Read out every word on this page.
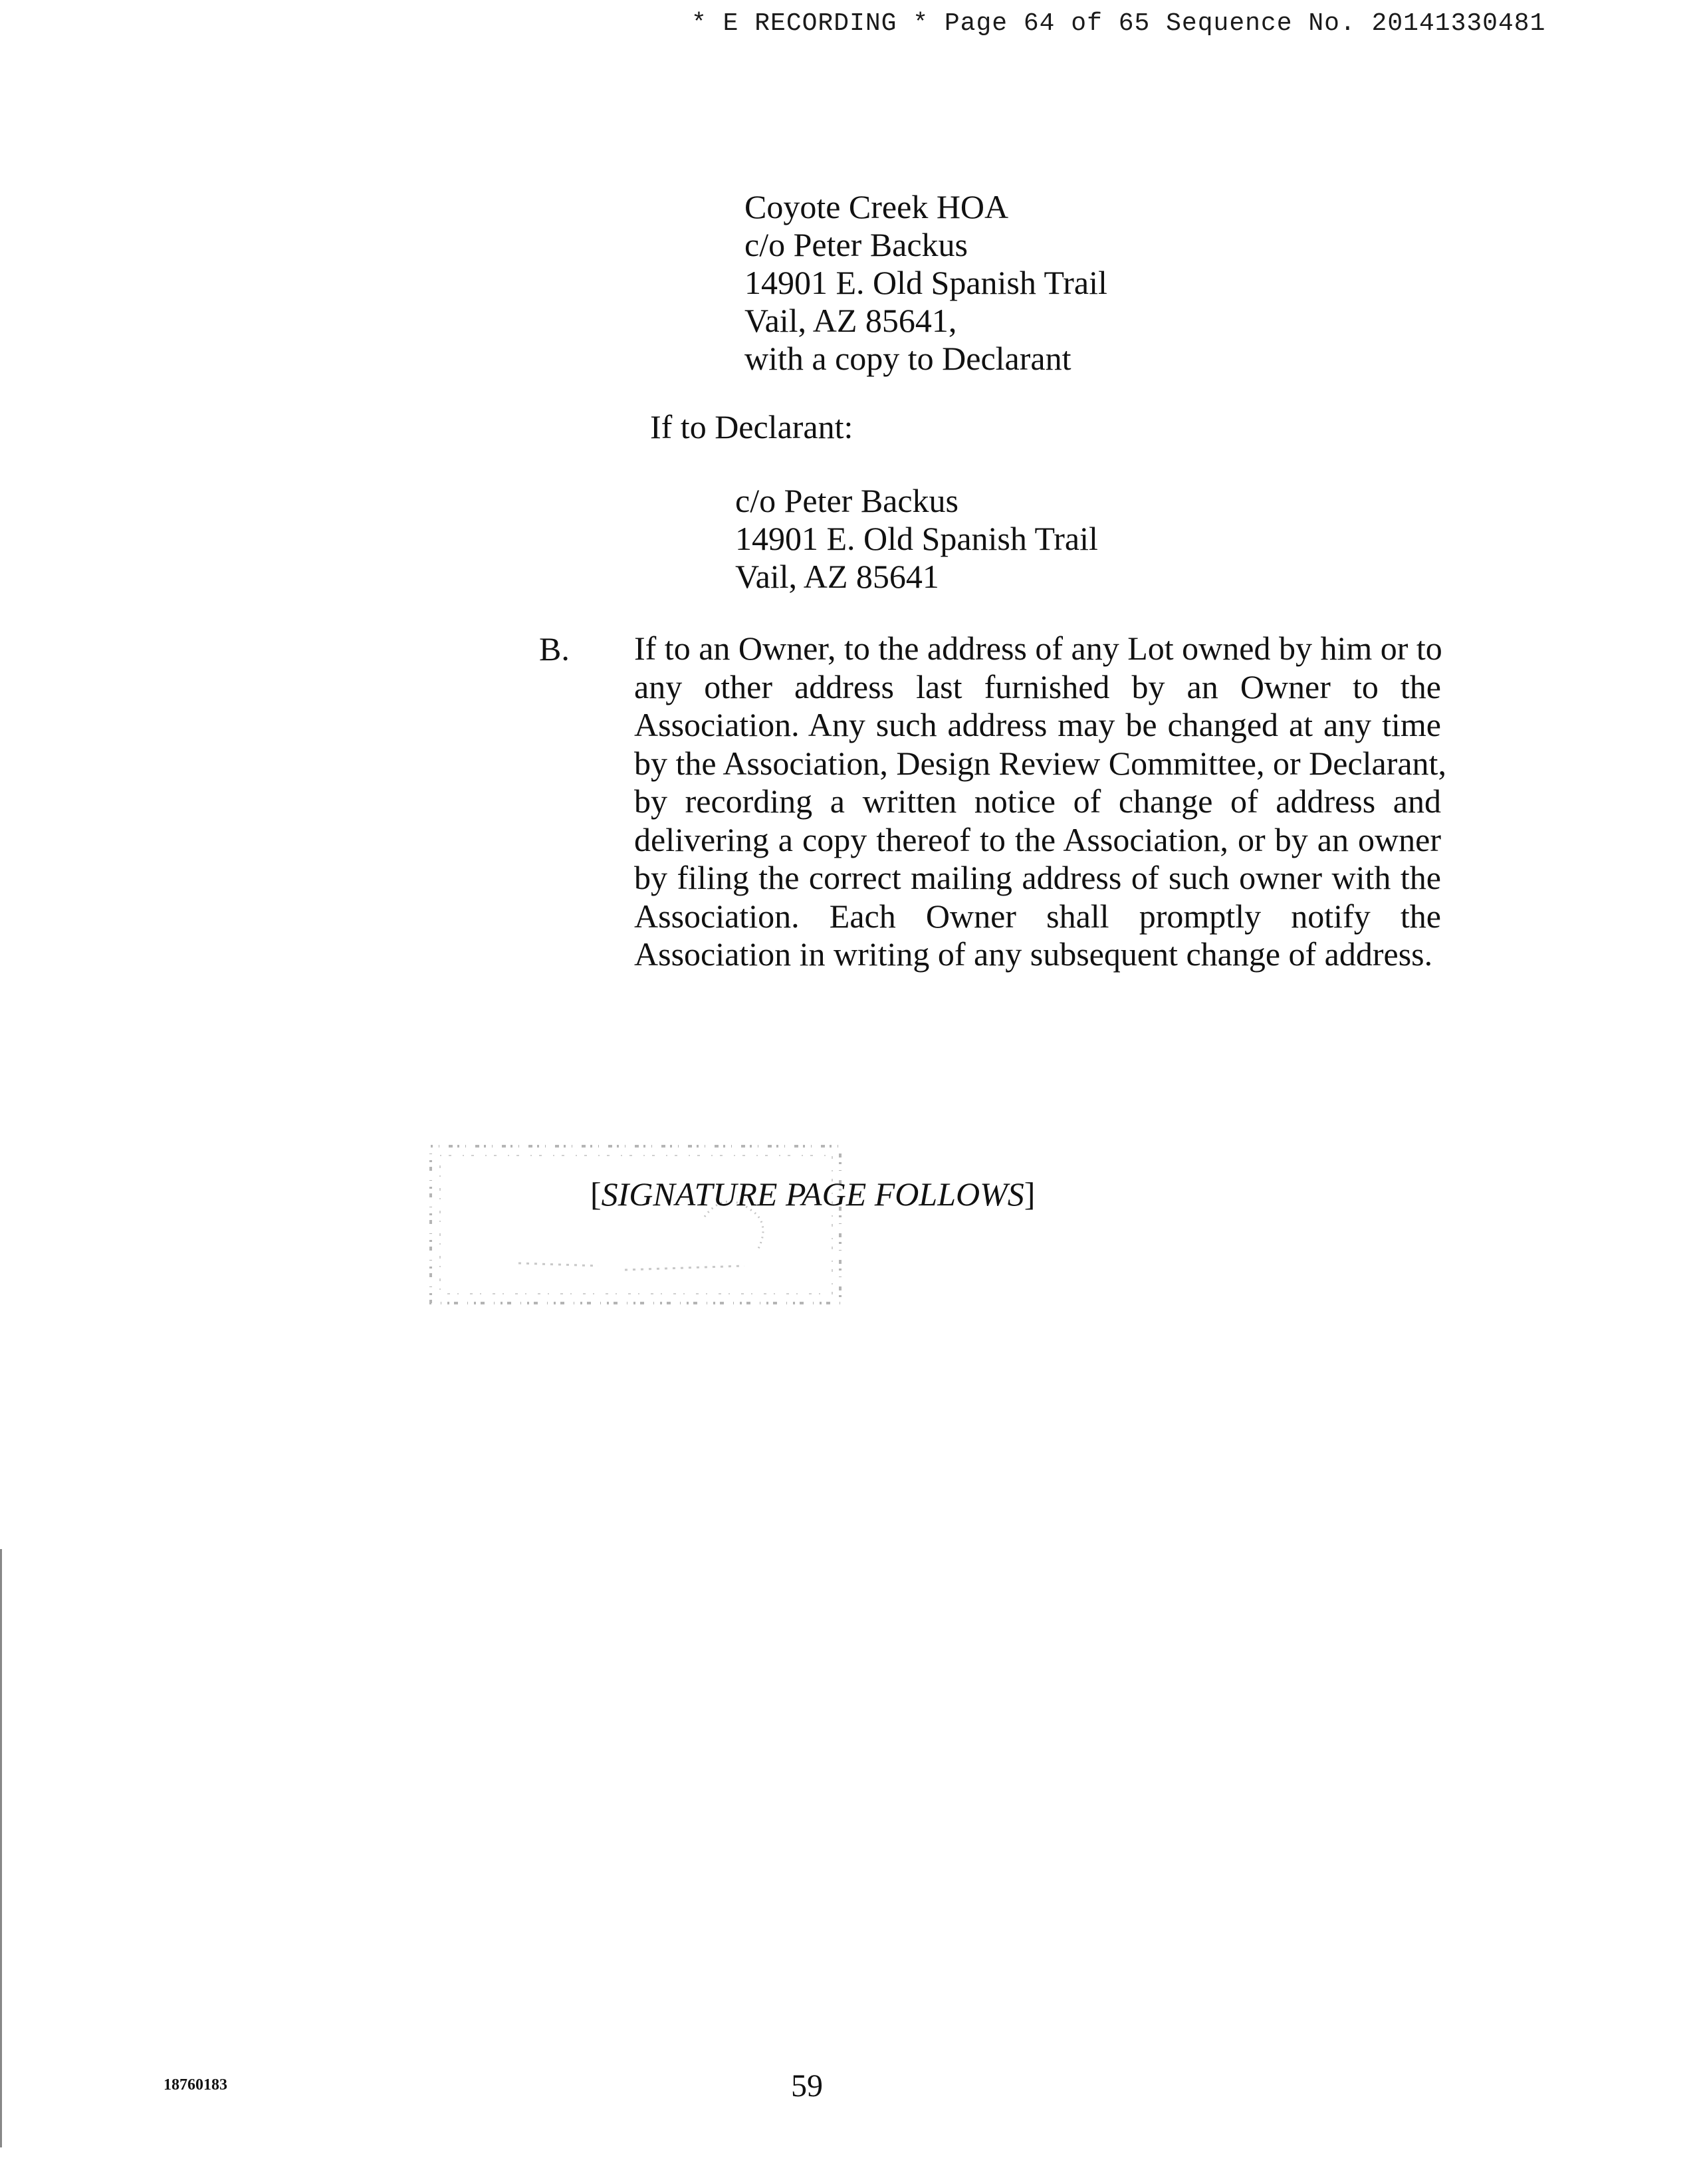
* E RECORDING * Page 64 of 65 Sequence No. 20141330481
Coyote Creek HOA
c/o Peter Backus
14901 E. Old Spanish Trail
Vail, AZ 85641,
with a copy to Declarant
If to Declarant:
c/o Peter Backus
14901 E. Old Spanish Trail
Vail, AZ 85641
B. If to an Owner, to the address of any Lot owned by him or to
any other address last furnished by an Owner to the
Association. Any such address may be changed at any time
by the Association, Design Review Committee, or Declarant,
by recording a written notice of change of address and
delivering a copy thereof to the Association, or by an owner
by filing the correct mailing address of such owner with the
Association. Each Owner shall promptly notify the
Association in writing of any subsequent change of address.
[SIGNATURE PAGE FOLLOWS]
18760183	59
